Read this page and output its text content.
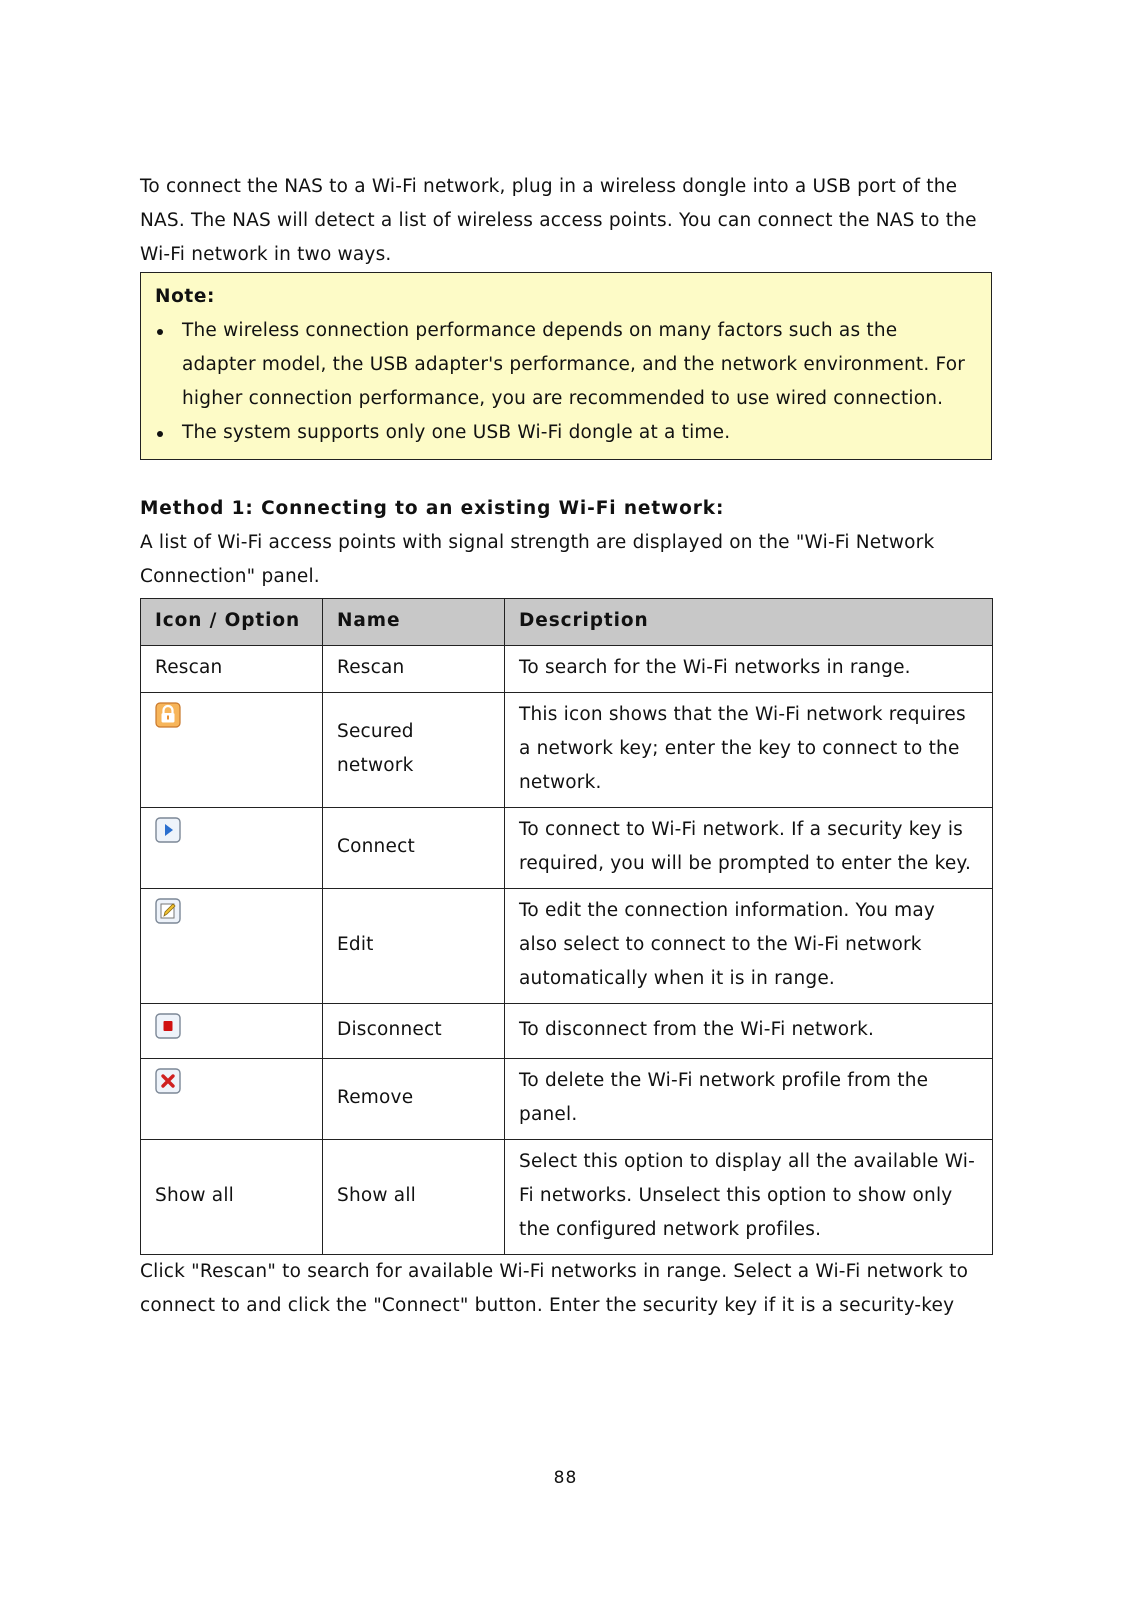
To connect the NAS to a Wi-Fi network, plug in a wireless dongle into a USB port of the NAS. The NAS will detect a list of wireless access points. You can connect the NAS to the Wi-Fi network in two ways.

Note:
The wireless connection performance depends on many factors such as the adapter model, the USB adapter's performance, and the network environment. For higher connection performance, you are recommended to use wired connection.
The system supports only one USB Wi-Fi dongle at a time.

Method 1: Connecting to an existing Wi-Fi network:

A list of Wi-Fi access points with signal strength are displayed on the "Wi-Fi Network Connection" panel.

Icon / Option	Name	Description
Rescan	Rescan	To search for the Wi-Fi networks in range.

	Secured network	This icon shows that the Wi-Fi network requires a network key; enter the key to connect to the network.

	Connect	To connect to Wi-Fi network. If a security key is required, you will be prompted to enter the key.

	Edit	To edit the connection information. You may also select to connect to the Wi-Fi network automatically when it is in range.

	Disconnect	To disconnect from the Wi-Fi network.

	Remove	To delete the Wi-Fi network profile from the panel.
Show all	Show all	Select this option to display all the available Wi-Fi networks. Unselect this option to show only the configured network profiles.

Click "Rescan" to search for available Wi-Fi networks in range. Select a Wi-Fi network to connect to and click the "Connect" button. Enter the security key if it is a security-key

88
